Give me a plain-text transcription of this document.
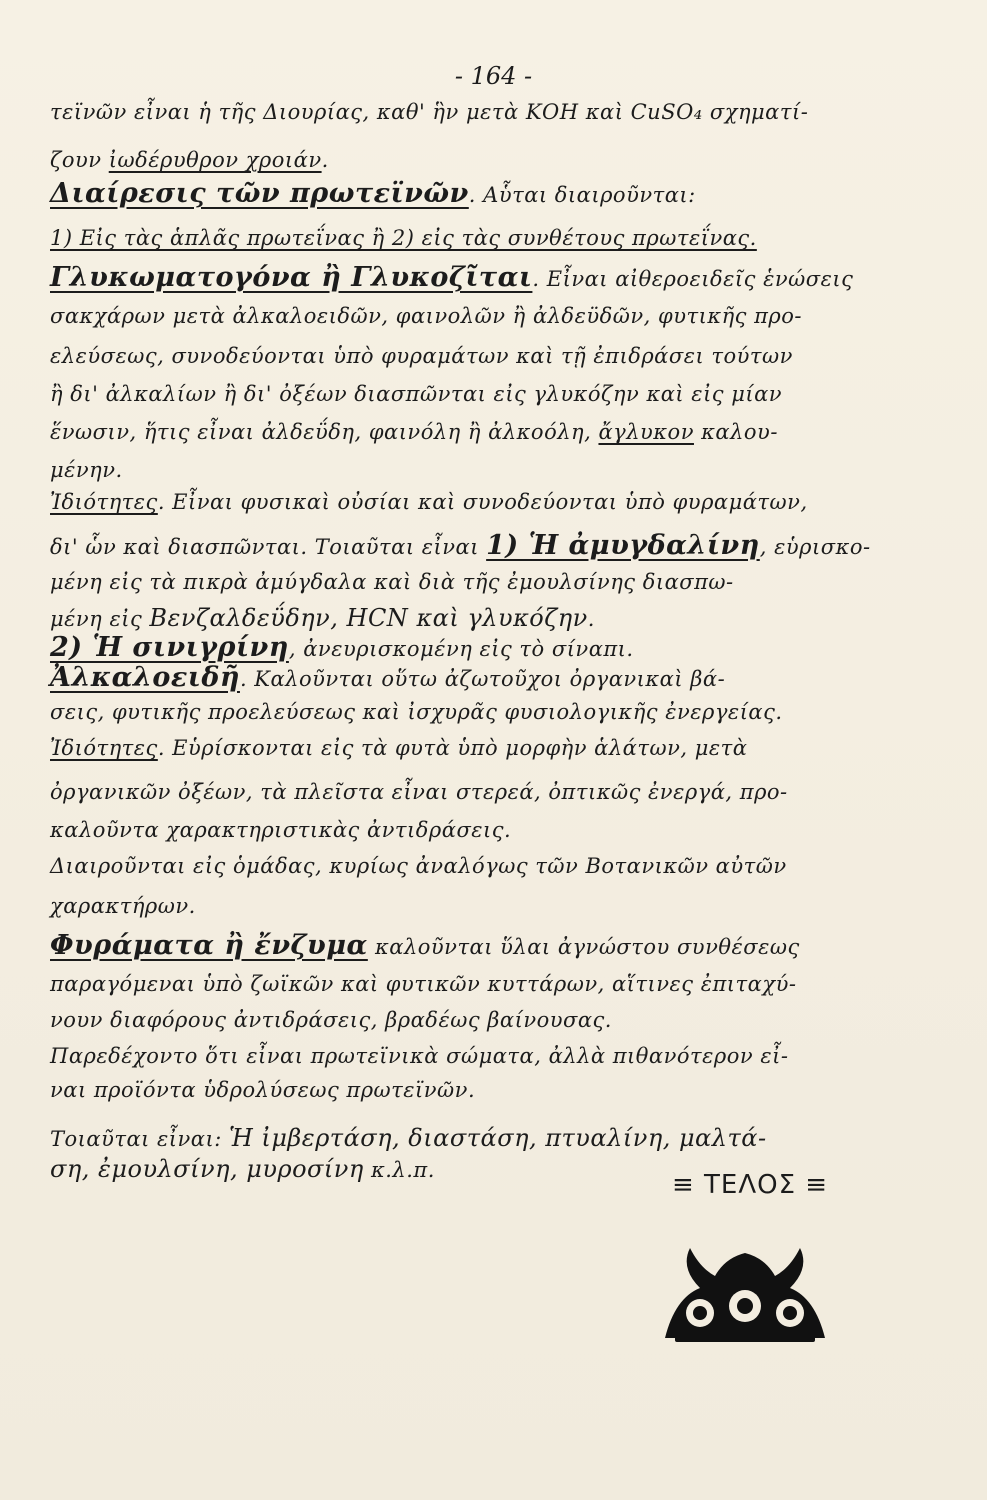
- 164 -
τεϊνῶν εἶναι ἡ τῆς Διουρίας, καθ' ἣν μετὰ ΚΟΗ καὶ CuSO₄ σχηματί-
ζουν ἰωδέρυθρον χροιάν.
Διαίρεσις τῶν πρωτεϊνῶν. Αὗται διαιροῦνται:
1) Εἰς τὰς ἁπλᾶς πρωτεΐνας ἢ 2) εἰς τὰς συνθέτους πρωτεΐνας.
Γλυκωματογόνα ἢ Γλυκοζῖται. Εἶναι αἰθεροειδεῖς ἑνώσεις
σακχάρων μετὰ ἀλκαλοειδῶν, φαινολῶν ἢ ἀλδεϋδῶν, φυτικῆς προ-
ελεύσεως, συνοδεύονται ὑπὸ φυραμάτων καὶ τῇ ἐπιδράσει τούτων
ἢ δι' ἀλκαλίων ἢ δι' ὀξέων διασπῶνται εἰς γλυκόζην καὶ εἰς μίαν
ἕνωσιν, ἥτις εἶναι ἀλδεΰδη, φαινόλη ἢ ἀλκοόλη, ἄγλυκον καλου-
μένην.
Ἰδιότητες. Εἶναι φυσικαὶ οὐσίαι καὶ συνοδεύονται ὑπὸ φυραμάτων,
δι' ὧν καὶ διασπῶνται. Τοιαῦται εἶναι 1) Ἡ ἀμυγδαλίνη, εὑρισκο-
μένη εἰς τὰ πικρὰ ἀμύγδαλα καὶ διὰ τῆς ἐμουλσίνης διασπω-
μένη εἰς Βενζαλδεΰδην, HCN καὶ γλυκόζην.
2) Ἡ σινιγρίνη, ἀνευρισκομένη εἰς τὸ σίναπι.
Ἀλκαλοειδῆ. Καλοῦνται οὕτω ἀζωτοῦχοι ὀργανικαὶ βά-
σεις, φυτικῆς προελεύσεως καὶ ἰσχυρᾶς φυσιολογικῆς ἐνεργείας.
Ἰδιότητες. Εὑρίσκονται εἰς τὰ φυτὰ ὑπὸ μορφὴν ἁλάτων, μετὰ
ὀργανικῶν ὀξέων, τὰ πλεῖστα εἶναι στερεά, ὀπτικῶς ἐνεργά, προ-
καλοῦντα χαρακτηριστικὰς ἀντιδράσεις.
Διαιροῦνται εἰς ὁμάδας, κυρίως ἀναλόγως τῶν Βοτανικῶν αὐτῶν
χαρακτήρων.
Φυράματα ἢ ἔνζυμα καλοῦνται ὕλαι ἀγνώστου συνθέσεως
παραγόμεναι ὑπὸ ζωϊκῶν καὶ φυτικῶν κυττάρων, αἵτινες ἐπιταχύ-
νουν διαφόρους ἀντιδράσεις, βραδέως βαίνουσας.
Παρεδέχοντο ὅτι εἶναι πρωτεϊνικὰ σώματα, ἀλλὰ πιθανότερον εἶ-
ναι προϊόντα ὑδρολύσεως πρωτεϊνῶν.
Τοιαῦται εἶναι: Ἡ ἰμβερτάση, διαστάση, πτυαλίνη, μαλτά-
ση, ἐμουλσίνη, μυροσίνη κ.λ.π.	≡ ΤΕΛΟΣ ≡
